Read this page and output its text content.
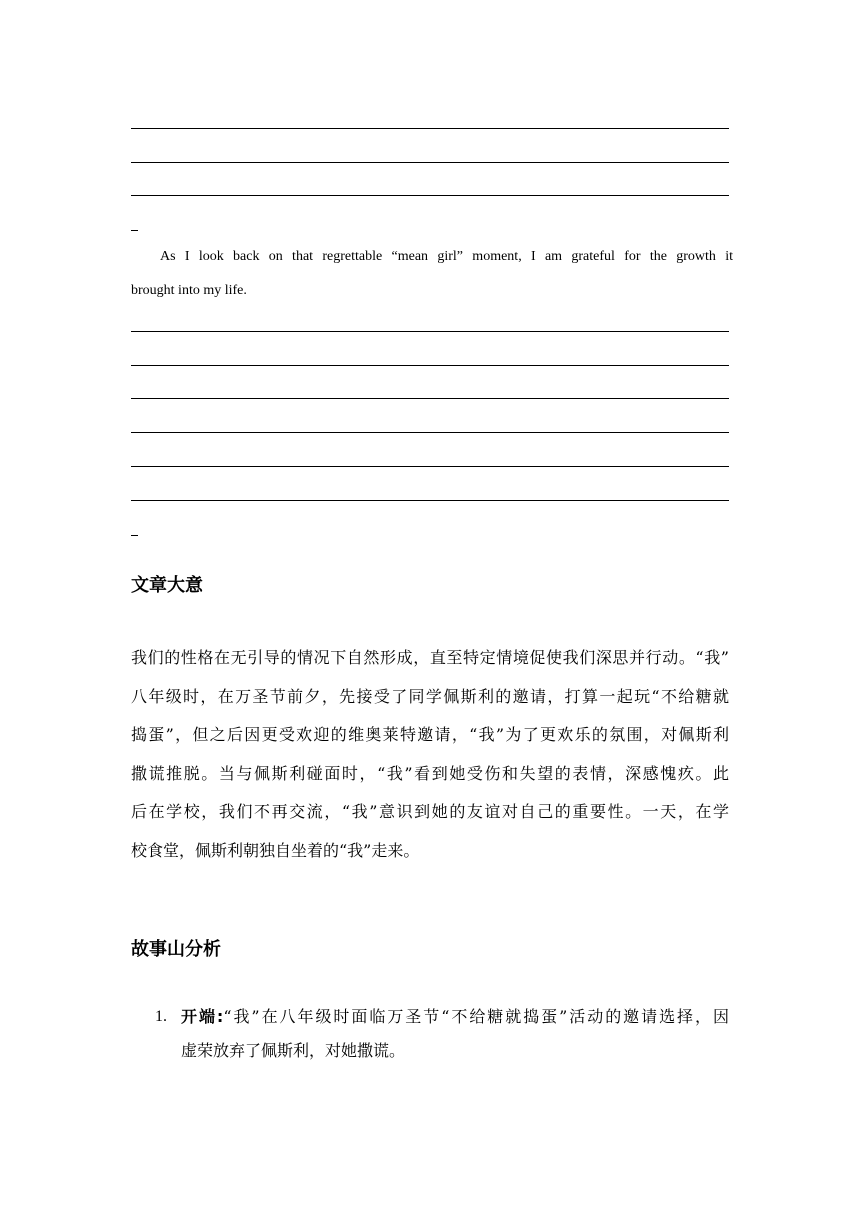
As I look back on that regrettable “mean girl” moment, I am grateful for the growth it
brought into my life.
文章大意
我们的性格在无引导的情况下自然形成，直至特定情境促使我们深思并行动。“我”
八年级时，在万圣节前夕，先接受了同学佩斯利的邀请，打算一起玩“不给糖就
捣蛋”，但之后因更受欢迎的维奥莱特邀请，“我”为了更欢乐的氛围，对佩斯利
撒谎推脱。当与佩斯利碰面时，“我”看到她受伤和失望的表情，深感愧疚。此
后在学校，我们不再交流，“我”意识到她的友谊对自己的重要性。一天，在学
校食堂，佩斯利朝独自坐着的“我”走来。
故事山分析
1. 开端:“我”在八年级时面临万圣节“不给糖就捣蛋”活动的邀请选择，因
虚荣放弃了佩斯利，对她撒谎。
